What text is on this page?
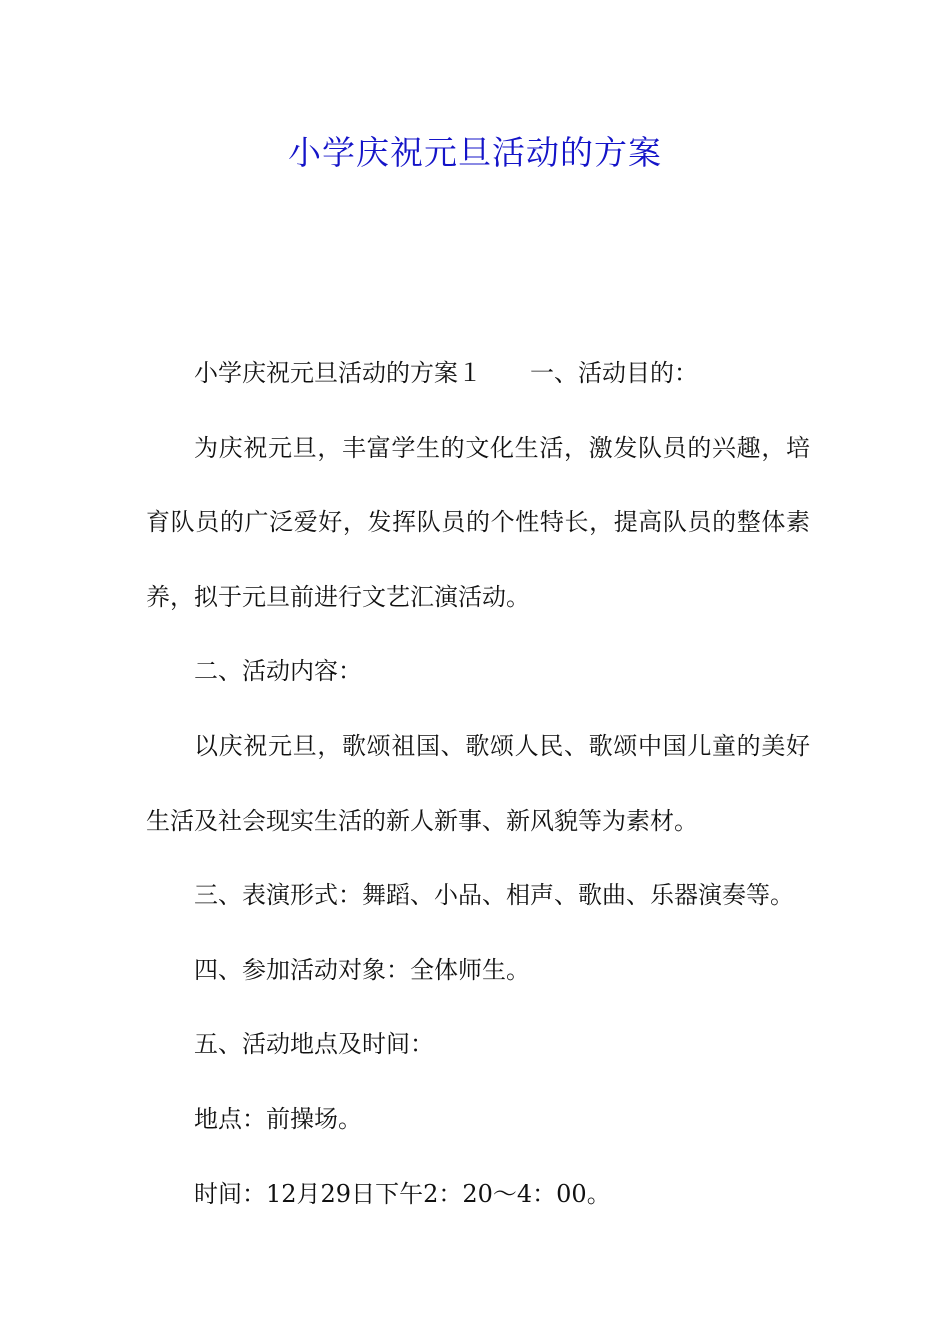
小学庆祝元旦活动的方案

小学庆祝元旦活动的方案１ 一、活动目的：

为庆祝元旦，丰富学生的文化生活，激发队员的兴趣，培育队员的广泛爱好，发挥队员的个性特长，提高队员的整体素养，拟于元旦前进行文艺汇演活动。

二、活动内容：

以庆祝元旦，歌颂祖国、歌颂人民、歌颂中国儿童的美好生活及社会现实生活的新人新事、新风貌等为素材。

三、表演形式：舞蹈、小品、相声、歌曲、乐器演奏等。

四、参加活动对象：全体师生。

五、活动地点及时间：

地点：前操场。

时间：12月29日下午2：20～4：00。
